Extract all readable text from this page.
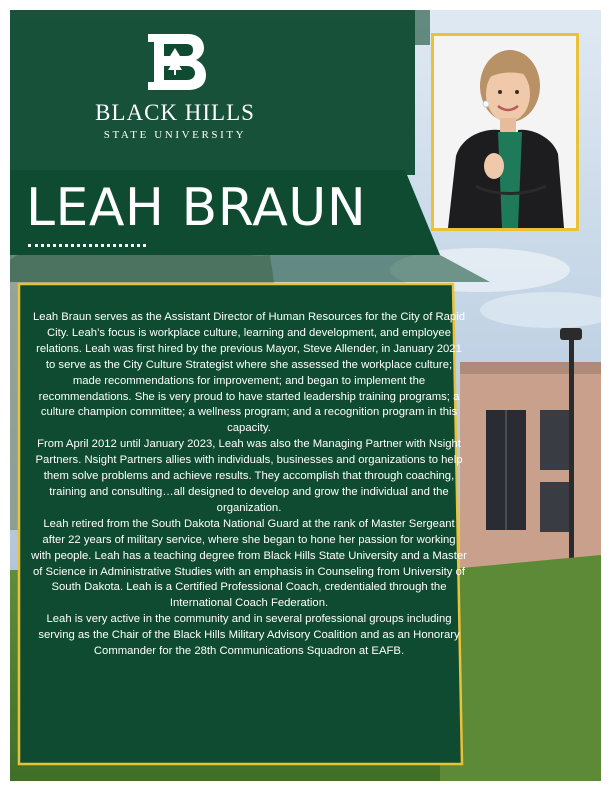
BLACK HILLS
STATE UNIVERSITY
LEAH BRAUN

Leah Braun serves as the Assistant Director of Human Resources for the City of Rapid City. Leah’s focus is workplace culture, learning and development, and employee relations. Leah was first hired by the previous Mayor, Steve Allender, in January 2021 to serve as the City Culture Strategist where she assessed the workplace culture; made recommendations for improvement; and began to implement the recommendations. She is very proud to have started leadership training programs; a culture champion committee; a wellness program; and a recognition program in this capacity.

From April 2012 until January 2023, Leah was also the Managing Partner with Nsight Partners. Nsight Partners allies with individuals, businesses and organizations to help them solve problems and achieve results. They accomplish that through coaching, training and consulting…all designed to develop and grow the individual and the organization.

Leah retired from the South Dakota National Guard at the rank of Master Sergeant after 22 years of military service, where she began to hone her passion for working with people. Leah has a teaching degree from Black Hills State University and a Master of Science in Administrative Studies with an emphasis in Counseling from University of South Dakota. Leah is a Certified Professional Coach, credentialed through the International Coach Federation.

Leah is very active in the community and in several professional groups including serving as the Chair of the Black Hills Military Advisory Coalition and as an Honorary Commander for the 28th Communications Squadron at EAFB.
